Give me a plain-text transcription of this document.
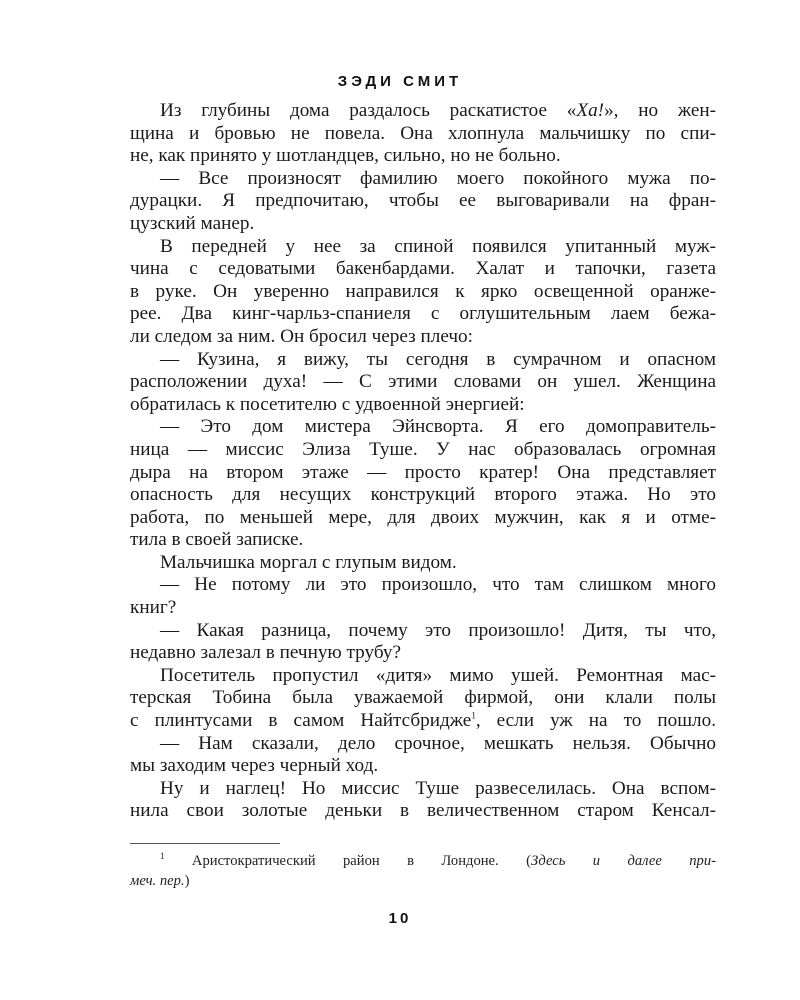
ЗЭДИ СМИТ
Из глубины дома раздалось раскатистое «Ха!», но жен-
щина и бровью не повела. Она хлопнула мальчишку по спи-
не, как принято у шотландцев, сильно, но не больно.
— Все произносят фамилию моего покойного мужа по-
дурацки. Я предпочитаю, чтобы ее выговаривали на фран-
цузский манер.
В передней у нее за спиной появился упитанный муж-
чина с седоватыми бакенбардами. Халат и тапочки, газета
в руке. Он уверенно направился к ярко освещенной оранже-
рее. Два кинг-чарльз-спаниеля с оглушительным лаем бежа-
ли следом за ним. Он бросил через плечо:
— Кузина, я вижу, ты сегодня в сумрачном и опасном
расположении духа! — С этими словами он ушел. Женщина
обратилась к посетителю с удвоенной энергией:
— Это дом мистера Эйнсворта. Я его домоправитель-
ница — миссис Элиза Туше. У нас образовалась огромная
дыра на втором этаже — просто кратер! Она представляет
опасность для несущих конструкций второго этажа. Но это
работа, по меньшей мере, для двоих мужчин, как я и отме-
тила в своей записке.
Мальчишка моргал с глупым видом.
— Не потому ли это произошло, что там слишком много
книг?
— Какая разница, почему это произошло! Дитя, ты что,
недавно залезал в печную трубу?
Посетитель пропустил «дитя» мимо ушей. Ремонтная мас-
терская Тобина была уважаемой фирмой, они клали полы
с плинтусами в самом Найтсбридже$^1$, если уж на то пошло.
— Нам сказали, дело срочное, мешкать нельзя. Обычно
мы заходим через черный ход.
Ну и наглец! Но миссис Туше развеселилась. Она вспом-
нила свои золотые деньки в величественном старом Кенсал-
$^1$ Аристократический район в Лондоне. (Здесь и далее при-
меч. пер.)
10
